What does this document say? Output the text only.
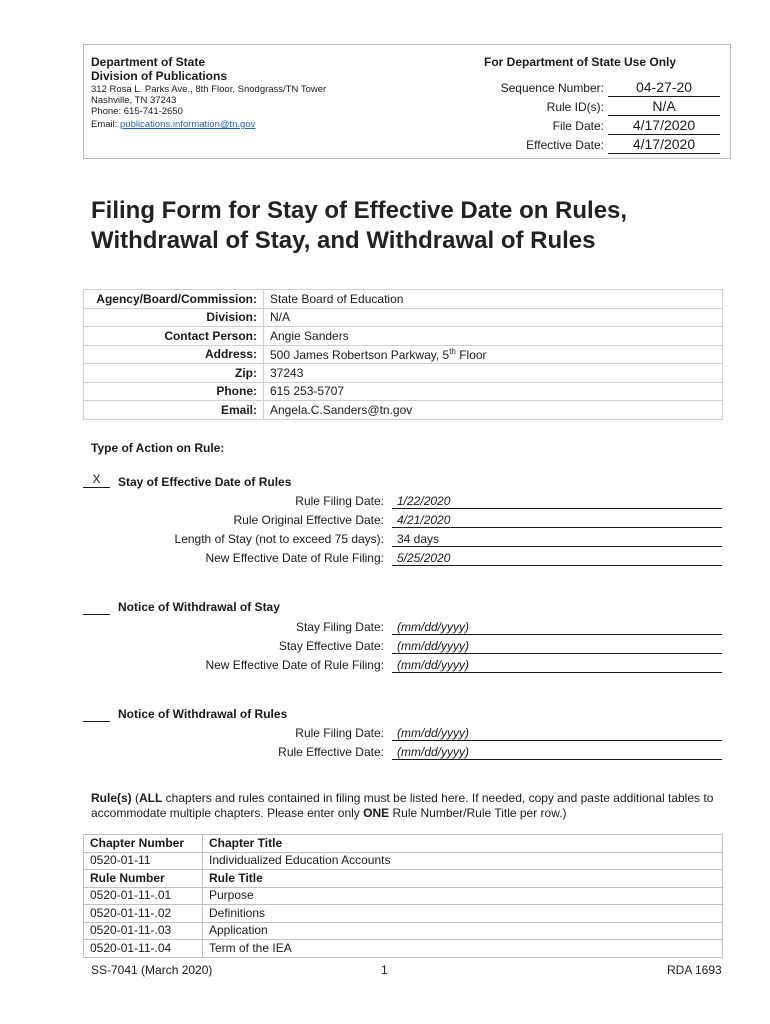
Department of State
Division of Publications
312 Rosa L. Parks Ave., 8th Floor, Snodgrass/TN Tower
Nashville, TN 37243
Phone: 615-741-2650
Email: publications.information@tn.gov
For Department of State Use Only
Sequence Number:	04-27-20
Rule ID(s):	N/A
File Date:	4/17/2020
Effective Date:	4/17/2020
Filing Form for Stay of Effective Date on Rules,
Withdrawal of Stay, and Withdrawal of Rules
Agency/Board/Commission:	State Board of Education
Division:	N/A
Contact Person:	Angie Sanders
Address:	500 James Robertson Parkway, 5th Floor
Zip:	37243
Phone:	615 253-5707
Email:	Angela.C.Sanders@tn.gov
Type of Action on Rule:
X	Stay of Effective Date of Rules
Rule Filing Date:	1/22/2020
Rule Original Effective Date:	4/21/2020
Length of Stay (not to exceed 75 days):	34 days
New Effective Date of Rule Filing:	5/25/2020
Notice of Withdrawal of Stay
Stay Filing Date:	(mm/dd/yyyy)
Stay Effective Date:	(mm/dd/yyyy)
New Effective Date of Rule Filing:	(mm/dd/yyyy)
Notice of Withdrawal of Rules
Rule Filing Date:	(mm/dd/yyyy)
Rule Effective Date:	(mm/dd/yyyy)
Rule(s) (ALL chapters and rules contained in filing must be listed here. If needed, copy and paste additional tables to accommodate multiple chapters. Please enter only ONE Rule Number/Rule Title per row.)
Chapter Number	Chapter Title
0520-01-11	Individualized Education Accounts
Rule Number	Rule Title
0520-01-11-.01	Purpose
0520-01-11-.02	Definitions
0520-01-11-.03	Application
0520-01-11-.04	Term of the IEA
SS-7041 (March 2020)	1	RDA 1693
